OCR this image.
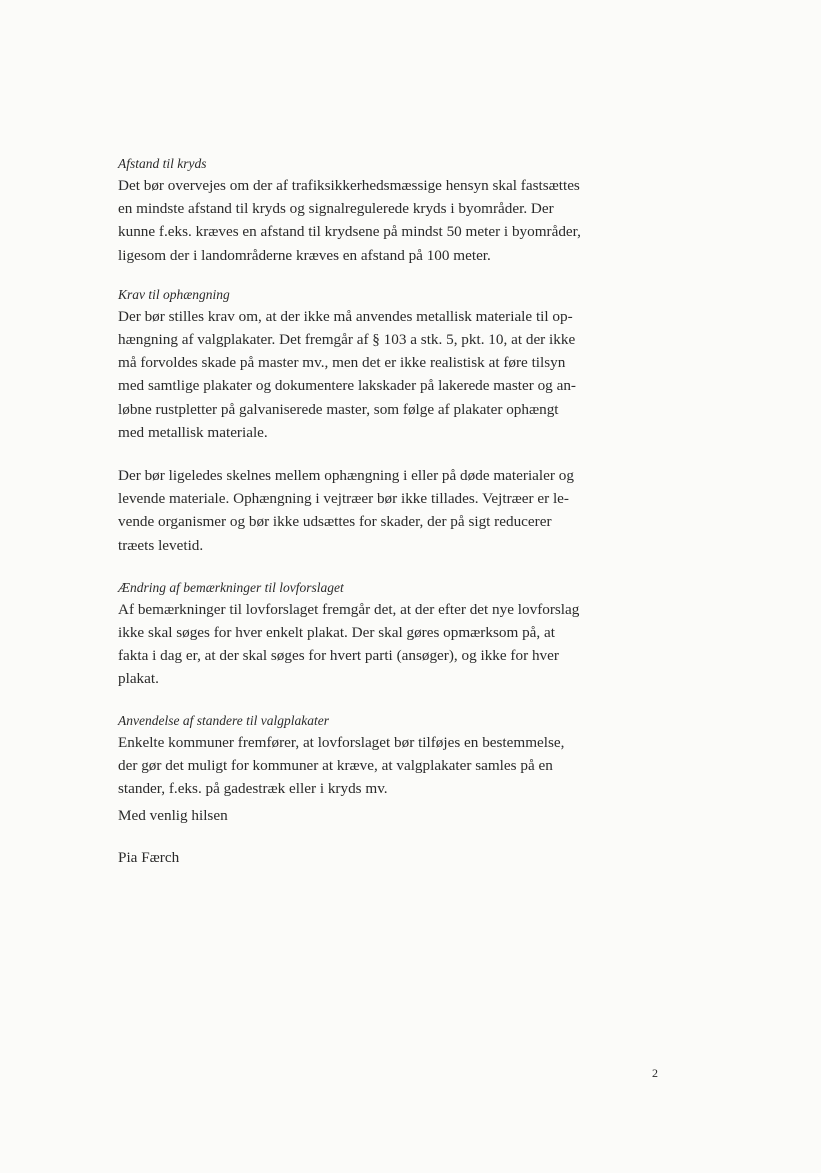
Afstand til kryds

Det bør overvejes om der af trafiksikkerhedsmæssige hensyn skal fastsættes
en mindste afstand til kryds og signalregulerede kryds i byområder. Der
kunne f.eks. kræves en afstand til krydsene på mindst 50 meter i byområder,
ligesom der i landområderne kræves en afstand på 100 meter.

Krav til ophængning

Der bør stilles krav om, at der ikke må anvendes metallisk materiale til op-
hængning af valgplakater. Det fremgår af § 103 a stk. 5, pkt. 10, at der ikke
må forvoldes skade på master mv., men det er ikke realistisk at føre tilsyn
med samtlige plakater og dokumentere lakskader på lakerede master og an-
løbne rustpletter på galvaniserede master, som følge af plakater ophængt
med metallisk materiale.

Der bør ligeledes skelnes mellem ophængning i eller på døde materialer og
levende materiale. Ophængning i vejtræer bør ikke tillades. Vejtræer er le-
vende organismer og bør ikke udsættes for skader, der på sigt reducerer
træets levetid.

Ændring af bemærkninger til lovforslaget

Af bemærkninger til lovforslaget fremgår det, at der efter det nye lovforslag
ikke skal søges for hver enkelt plakat. Der skal gøres opmærksom på, at
fakta i dag er, at der skal søges for hvert parti (ansøger), og ikke for hver
plakat.

Anvendelse af standere til valgplakater

Enkelte kommuner fremfører, at lovforslaget bør tilføjes en bestemmelse,
der gør det muligt for kommuner at kræve, at valgplakater samles på en
stander, f.eks. på gadestræk eller i kryds mv.

Med venlig hilsen

Pia Færch

2
